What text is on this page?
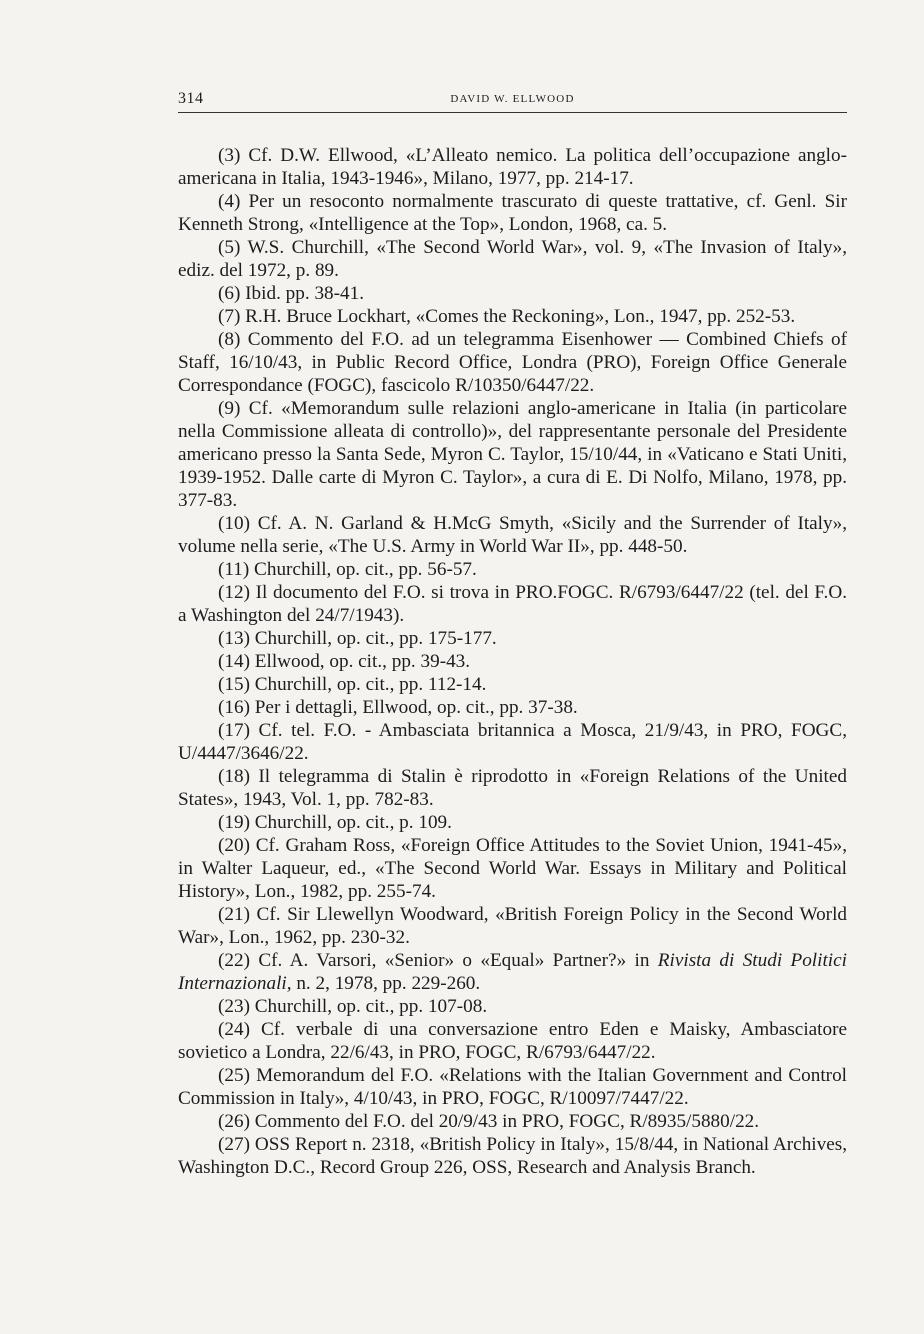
314	DAVID W. ELLWOOD

(3) Cf. D.W. Ellwood, «L’Alleato nemico. La politica dell’occupazione anglo-americana in Italia, 1943-1946», Milano, 1977, pp. 214-17.

(4) Per un resoconto normalmente trascurato di queste trattative, cf. Genl. Sir Kenneth Strong, «Intelligence at the Top», London, 1968, ca. 5.

(5) W.S. Churchill, «The Second World War», vol. 9, «The Invasion of Italy», ediz. del 1972, p. 89.

(6) Ibid. pp. 38-41.

(7) R.H. Bruce Lockhart, «Comes the Reckoning», Lon., 1947, pp. 252-53.

(8) Commento del F.O. ad un telegramma Eisenhower — Combined Chiefs of Staff, 16/10/43, in Public Record Office, Londra (PRO), Foreign Office Generale Correspondance (FOGC), fascicolo R/10350/6447/22.

(9) Cf. «Memorandum sulle relazioni anglo-americane in Italia (in particolare nella Commissione alleata di controllo)», del rappresentante personale del Presidente americano presso la Santa Sede, Myron C. Taylor, 15/10/44, in «Vaticano e Stati Uniti, 1939-1952. Dalle carte di Myron C. Taylor», a cura di E. Di Nolfo, Milano, 1978, pp. 377-83.

(10) Cf. A. N. Garland & H.McG Smyth, «Sicily and the Surrender of Italy», volume nella serie, «The U.S. Army in World War II», pp. 448-50.

(11) Churchill, op. cit., pp. 56-57.

(12) Il documento del F.O. si trova in PRO.FOGC. R/6793/6447/22 (tel. del F.O. a Washington del 24/7/1943).

(13) Churchill, op. cit., pp. 175-177.

(14) Ellwood, op. cit., pp. 39-43.

(15) Churchill, op. cit., pp. 112-14.

(16) Per i dettagli, Ellwood, op. cit., pp. 37-38.

(17) Cf. tel. F.O. - Ambasciata britannica a Mosca, 21/9/43, in PRO, FOGC, U/4447/3646/22.

(18) Il telegramma di Stalin è riprodotto in «Foreign Relations of the United States», 1943, Vol. 1, pp. 782-83.

(19) Churchill, op. cit., p. 109.

(20) Cf. Graham Ross, «Foreign Office Attitudes to the Soviet Union, 1941-45», in Walter Laqueur, ed., «The Second World War. Essays in Military and Political History», Lon., 1982, pp. 255-74.

(21) Cf. Sir Llewellyn Woodward, «British Foreign Policy in the Second World War», Lon., 1962, pp. 230-32.

(22) Cf. A. Varsori, «Senior» o «Equal» Partner?» in Rivista di Studi Politici Internazionali, n. 2, 1978, pp. 229-260.

(23) Churchill, op. cit., pp. 107-08.

(24) Cf. verbale di una conversazione entro Eden e Maisky, Ambasciatore sovietico a Londra, 22/6/43, in PRO, FOGC, R/6793/6447/22.

(25) Memorandum del F.O. «Relations with the Italian Government and Control Commission in Italy», 4/10/43, in PRO, FOGC, R/10097/7447/22.

(26) Commento del F.O. del 20/9/43 in PRO, FOGC, R/8935/5880/22.

(27) OSS Report n. 2318, «British Policy in Italy», 15/8/44, in National Archives, Washington D.C., Record Group 226, OSS, Research and Analysis Branch.
